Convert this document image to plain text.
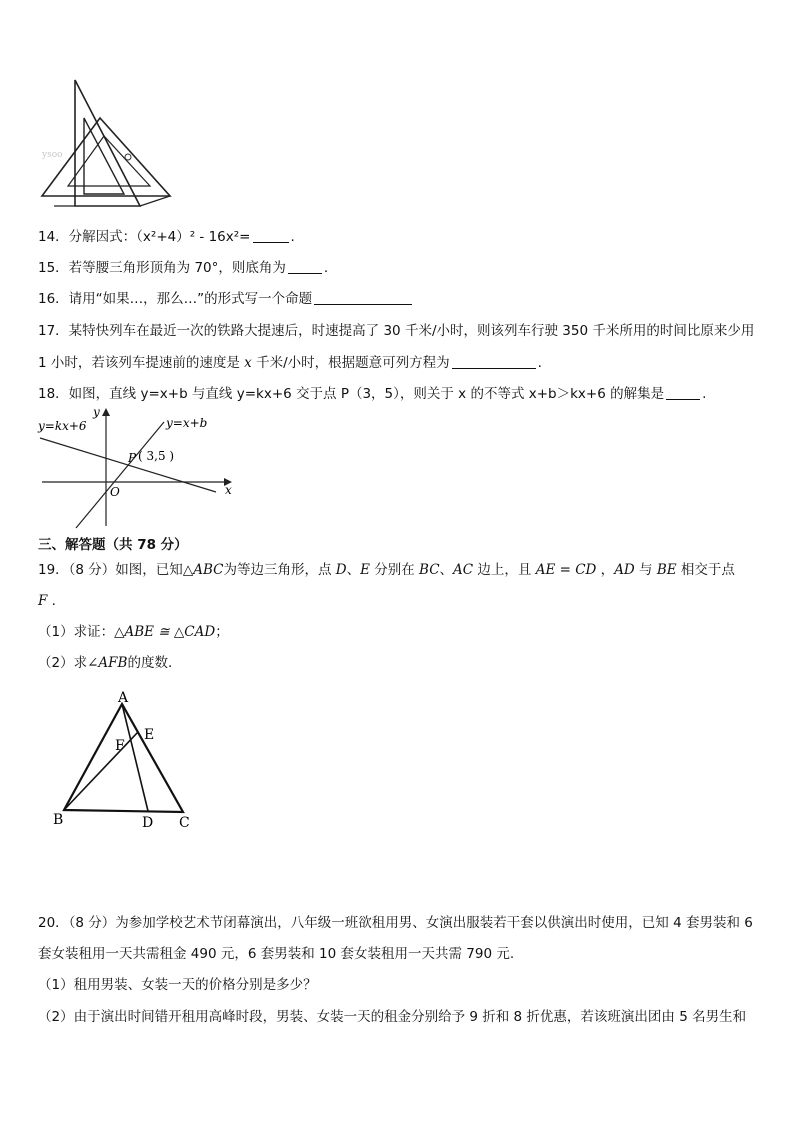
ysoo
14．分解因式：（x²+4）² - 16x²=	.
15．若等腰三角形顶角为 70°，则底角为	.
16．请用“如果…，那么…”的形式写一个命题
17．某特快列车在最近一次的铁路大提速后，时速提高了 30 千米/小时，则该列车行驶 350 千米所用的时间比原来少用
1 小时，若该列车提速前的速度是 x 千米/小时，根据题意可列方程为	.
18．如图，直线 y=x+b 与直线 y=kx+6 交于点 P（3，5），则关于 x 的不等式 x+b＞kx+6 的解集是	.
y=kx+6	y=x+b
y
x
O
P ( 3,5 )
三、解答题（共 78 分）
19．（8 分）如图，已知△ABC为等边三角形，点 D、E 分别在 BC、AC 边上，且 AE = CD ，AD 与 BE 相交于点
F .
（1）求证：△ABE ≅ △CAD；
（2）求∠AFB的度数.
A
B	C
D
E
F
20．（8 分）为参加学校艺术节闭幕演出，八年级一班欲租用男、女演出服装若干套以供演出时使用，已知 4 套男装和 6
套女装租用一天共需租金 490 元，6 套男装和 10 套女装租用一天共需 790 元.
（1）租用男装、女装一天的价格分别是多少？
（2）由于演出时间错开租用高峰时段，男装、女装一天的租金分别给予 9 折和 8 折优惠，若该班演出团由 5 名男生和
